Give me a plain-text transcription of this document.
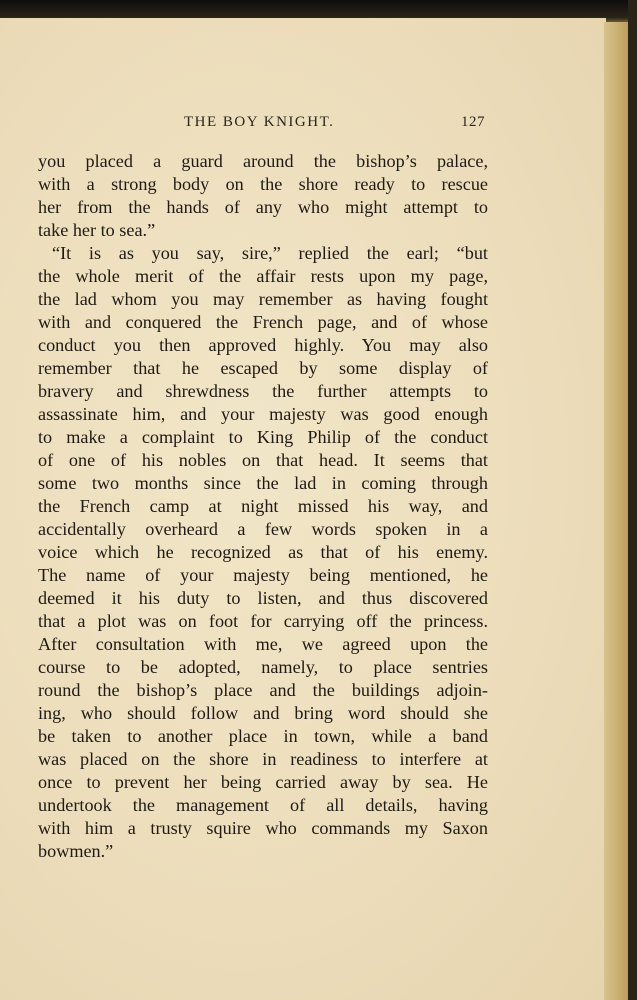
THE BOY KNIGHT.	127
you placed a guard around the bishop’s palace,
with a strong body on the shore ready to rescue
her from the hands of any who might attempt to
take her to sea.”
“It is as you say, sire,” replied the earl; “but
the whole merit of the affair rests upon my page,
the lad whom you may remember as having fought
with and conquered the French page, and of whose
conduct you then approved highly. You may also
remember that he escaped by some display of
bravery and shrewdness the further attempts to
assassinate him, and your majesty was good enough
to make a complaint to King Philip of the conduct
of one of his nobles on that head. It seems that
some two months since the lad in coming through
the French camp at night missed his way, and
accidentally overheard a few words spoken in a
voice which he recognized as that of his enemy.
The name of your majesty being mentioned, he
deemed it his duty to listen, and thus discovered
that a plot was on foot for carrying off the princess.
After consultation with me, we agreed upon the
course to be adopted, namely, to place sentries
round the bishop’s place and the buildings adjoin-
ing, who should follow and bring word should she
be taken to another place in town, while a band
was placed on the shore in readiness to interfere at
once to prevent her being carried away by sea. He
undertook the management of all details, having
with him a trusty squire who commands my Saxon
bowmen.”
